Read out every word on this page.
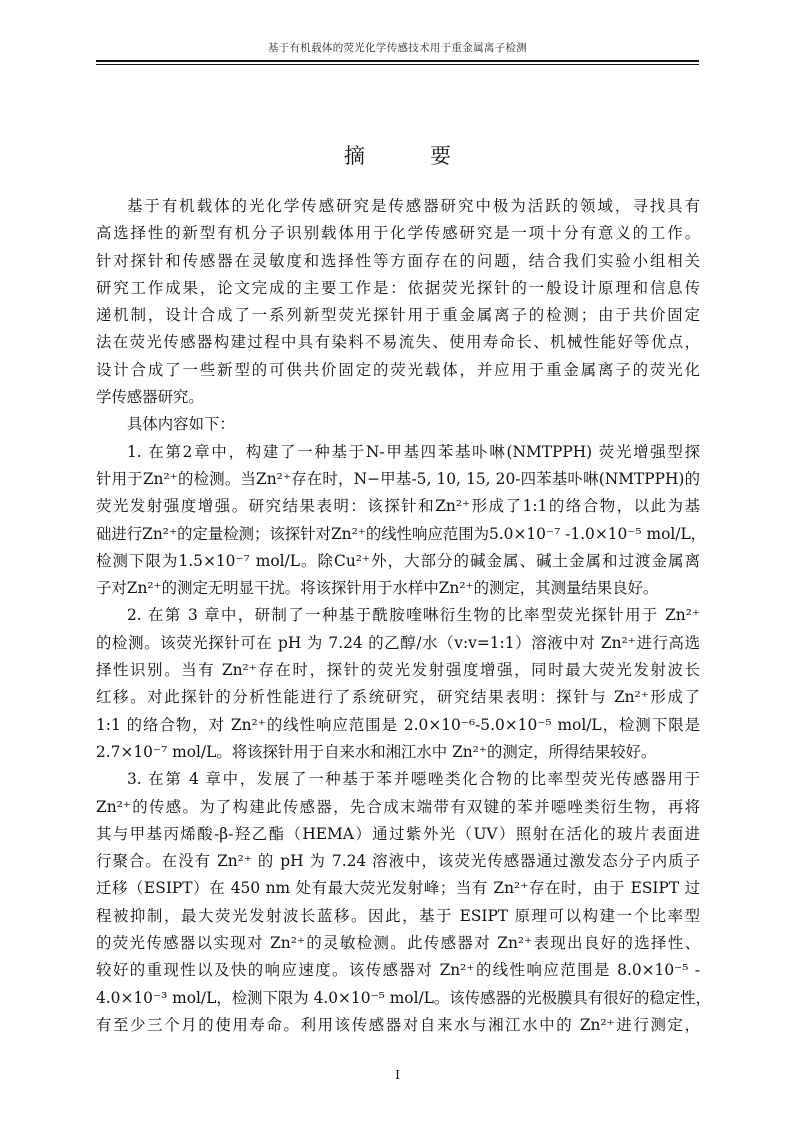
基于有机载体的荧光化学传感技术用于重金属离子检测
摘　要
基于有机载体的光化学传感研究是传感器研究中极为活跃的领域，寻找具有
高选择性的新型有机分子识别载体用于化学传感研究是一项十分有意义的工作。
针对探针和传感器在灵敏度和选择性等方面存在的问题，结合我们实验小组相关
研究工作成果，论文完成的主要工作是：依据荧光探针的一般设计原理和信息传
递机制，设计合成了一系列新型荧光探针用于重金属离子的检测；由于共价固定
法在荧光传感器构建过程中具有染料不易流失、使用寿命长、机械性能好等优点，
设计合成了一些新型的可供共价固定的荧光载体，并应用于重金属离子的荧光化
学传感器研究。
具体内容如下：
1. 在第2章中，构建了一种基于N-甲基四苯基卟啉(NMTPPH) 荧光增强型探
针用于Zn²⁺的检测。当Zn²⁺存在时，N−甲基-5, 10, 15, 20-四苯基卟啉(NMTPPH)的
荧光发射强度增强。研究结果表明：该探针和Zn²⁺形成了1:1的络合物，以此为基
础进行Zn²⁺的定量检测；该探针对Zn²⁺的线性响应范围为5.0×10⁻⁷ -1.0×10⁻⁵ mol/L，
检测下限为1.5×10⁻⁷ mol/L。除Cu²⁺外，大部分的碱金属、碱土金属和过渡金属离
子对Zn²⁺的测定无明显干扰。将该探针用于水样中Zn²⁺的测定，其测量结果良好。
2. 在第 3 章中，研制了一种基于酰胺喹啉衍生物的比率型荧光探针用于 Zn²⁺
的检测。该荧光探针可在 pH 为 7.24 的乙醇/水（v:v=1:1）溶液中对 Zn²⁺进行高选
择性识别。当有 Zn²⁺存在时，探针的荧光发射强度增强，同时最大荧光发射波长
红移。对此探针的分析性能进行了系统研究，研究结果表明：探针与 Zn²⁺形成了
1:1 的络合物，对 Zn²⁺的线性响应范围是 2.0×10⁻⁶-5.0×10⁻⁵ mol/L，检测下限是
2.7×10⁻⁷ mol/L。将该探针用于自来水和湘江水中 Zn²⁺的测定，所得结果较好。
3. 在第 4 章中，发展了一种基于苯并噁唑类化合物的比率型荧光传感器用于
Zn²⁺的传感。为了构建此传感器，先合成末端带有双键的苯并噁唑类衍生物，再将
其与甲基丙烯酸-β-羟乙酯（HEMA）通过紫外光（UV）照射在活化的玻片表面进
行聚合。在没有 Zn²⁺ 的 pH 为 7.24 溶液中，该荧光传感器通过激发态分子内质子
迁移（ESIPT）在 450 nm 处有最大荧光发射峰；当有 Zn²⁺存在时，由于 ESIPT 过
程被抑制，最大荧光发射波长蓝移。因此，基于 ESIPT 原理可以构建一个比率型
的荧光传感器以实现对 Zn²⁺的灵敏检测。此传感器对 Zn²⁺表现出良好的选择性、
较好的重现性以及快的响应速度。该传感器对 Zn²⁺的线性响应范围是 8.0×10⁻⁵ -
4.0×10⁻³ mol/L，检测下限为 4.0×10⁻⁵ mol/L。该传感器的光极膜具有很好的稳定性，
有至少三个月的使用寿命。利用该传感器对自来水与湘江水中的 Zn²⁺进行测定，
I
